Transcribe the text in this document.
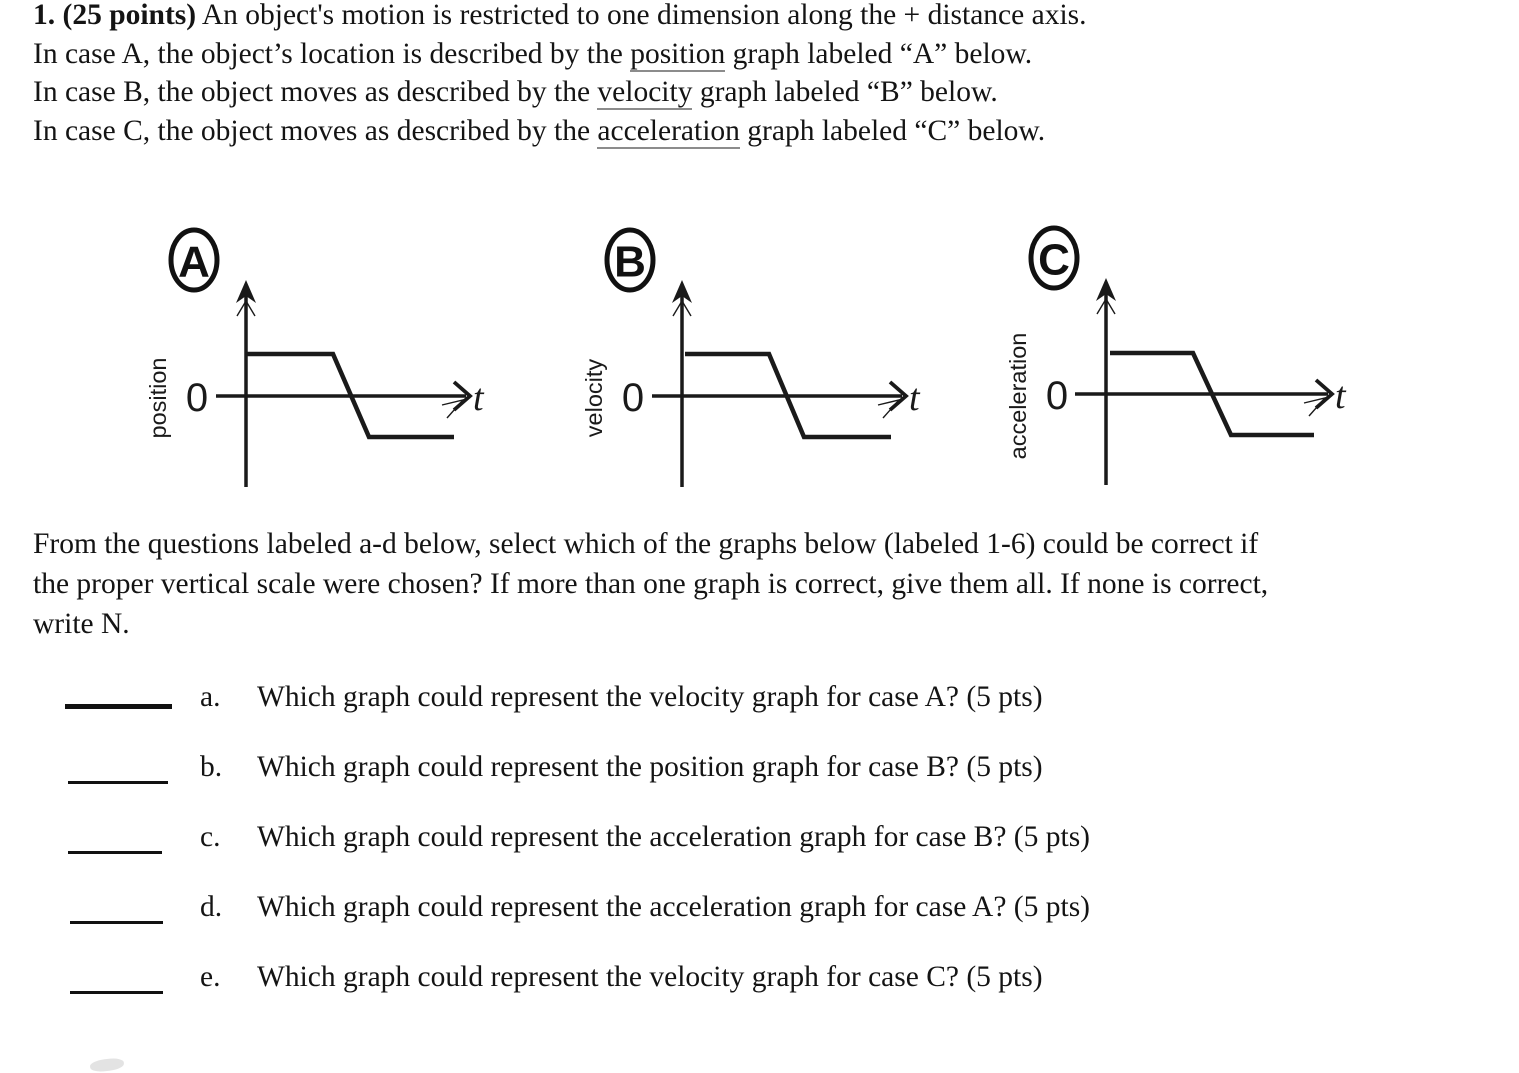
1. (25 points) An object's motion is restricted to one dimension along the + distance axis.
In case A, the object’s location is described by the position graph labeled “A” below.
In case B, the object moves as described by the velocity graph labeled “B” below.
In case C, the object moves as described by the acceleration graph labeled “C” below.
A
position 0	t
B
velocity 0	t
C
acceleration 0	t
From the questions labeled a-d below, select which of the graphs below (labeled 1-6) could be correct if
the proper vertical scale were chosen? If more than one graph is correct, give them all. If none is correct,
write N.
a. Which graph could represent the velocity graph for case A? (5 pts)
b. Which graph could represent the position graph for case B? (5 pts)
c. Which graph could represent the acceleration graph for case B? (5 pts)
d. Which graph could represent the acceleration graph for case A? (5 pts)
e. Which graph could represent the velocity graph for case C? (5 pts)
